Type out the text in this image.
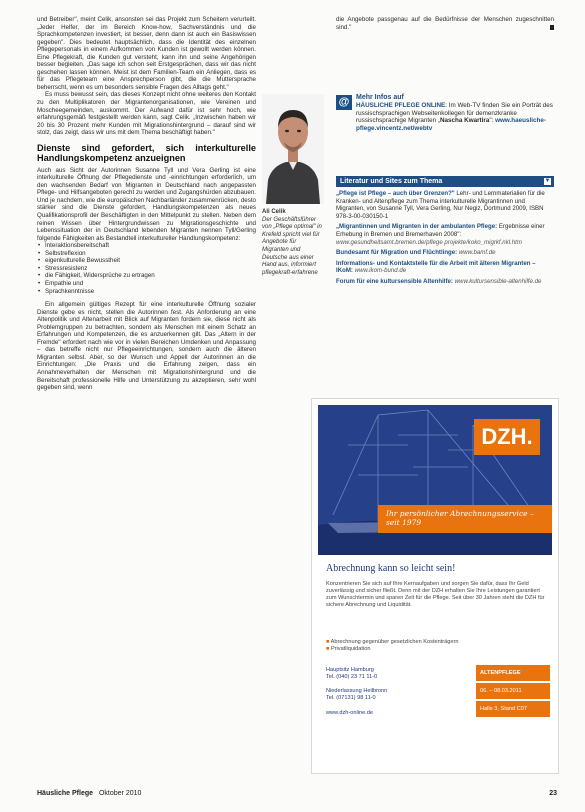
und Betreiber", meint Celik, ansonsten sei das Projekt zum Scheitern verurteilt. „Jeder Helfer, der im Bereich Know-how, Sachverständnis und die Sprachkompetenzen investiert, ist besser, denn dann ist auch ein Basiswissen gegeben". Dies bedeutet hauptsächlich, dass die Identität des einzelnen Pflegepersonals in einem Aufkommen von Kunden ist gewollt werden können. Eine Pflegekraft, die Kunden gut versteht, kann ihn und seine Angehörigen besser begleiten. „Das sage ich schon seit Erstgesprächen, dass wir das nicht geschehen lassen können. Meist ist dem Familien-Team ein Anliegen, dass es für das Pflegeteam eine Ansprechperson gibt, die die Muttersprache beherrscht, wenn es um besonders sensible Fragen des Alltags geht."

Es muss bewusst sein, das dieses Konzept nicht ohne weiteres den Kontakt zu den Multiplikatoren der Migrantenorganisationen, wie Vereinen und Moscheegemeinden, auskommt. Der Aufwand dafür ist sehr hoch, wie erfahrungsgemäß festgestellt werden kann, sagt Celik. „Inzwischen haben wir 20 bis 30 Prozent mehr Kunden mit Migrationshintergrund – darauf sind wir stolz, das zeigt, dass wir uns mit dem Thema beschäftigt haben."

Dienste sind gefordert, sich interkulturelle Handlungskompetenz anzueignen

Auch aus Sicht der Autorinnen Susanne Tyll und Vera Gerling ist eine interkulturelle Öffnung der Pflegedienste und -einrichtungen erforderlich, um den wachsenden Bedarf von Migranten in Deutschland nach angepassten Pflege- und Hilfsangeboten gerecht zu werden und Zugangshürden abzubauen. Und je nachdem, wie die europäischen Nachbarländer zusammenrücken, desto stärker sind die Dienste gefordert, Handlungskompetenzen als neues Qualifikationsprofil der Beschäftigten in den Mittelpunkt zu stellen. Neben dem reinen Wissen über Hintergrundwissen zu Migrationsgeschichte und Lebenssituation der in Deutschland lebenden Migranten nennen Tyll/Gerling folgende Fähigkeiten als Bestandteil interkultureller Handlungskompetenz:

• Interaktionsbereitschaft
• Selbstreflexion
• eigenkulturelle Bewusstheit
• Stressresistenz
• die Fähigkeit, Widersprüche zu ertragen
• Empathie und
• Sprachkenntnisse

Ein allgemein gültiges Rezept für eine interkulturelle Öffnung sozialer Dienste gebe es nicht, stellen die Autorinnen fest. Als Anforderung an eine Altenpolitik und Altenarbeit mit Blick auf Migranten fordern sie, diese nicht als Problemgruppen zu betrachten, sondern als Menschen mit einem Schatz an Erfahrungen und Kompetenzen, die es anzuerkennen gilt. Das „Altern in der Fremde" erfordert nach wie vor in vielen Bereichen Umdenken und Anpassung – das betreffe nicht nur Pflegeeinrichtungen, sondern auch die älteren Migranten selbst. Aber, so der Wunsch und Appell der Autorinnen an die Einrichtungen: „Die Praxis und die Erfahrung zeigen, dass ein Annahmeverhalten der Menschen mit Migrationshintergrund und die Bereitschaft professionelle Hilfe und Unterstützung zu akzeptieren, sehr wohl gegeben sind, wenn

Ali Celik
Der Geschäftsführer von „Pflege optimal" in Krefeld spricht viel für Angebote für Migranten und Deutsche aus einer Hand aus, informiert pflegekraft-erfahrene
die Angebote passgenau auf die Bedürfnisse der Menschen zugeschnitten sind."
@ Mehr Infos auf
HÄUSLICHE PFLEGE ONLINE: Im Web-TV finden Sie ein Porträt des russischsprachigen Webseitenkollegen für demenzkranke russischsprachige Migranten „Nascha Kwartira": www.haeusliche-pflege.vincentz.net/webtv
Literatur und Sites zum Thema	▼
„Pflege ist Pflege – auch über Grenzen?" Lehr- und Lernmaterialien für die Kranken- und Altenpflege zum Thema interkulturelle Migrantinnen und Migranten, von Susanne Tyll, Vera Gerling, Nur Negiz, Dortmund 2009, ISBN 978-3-00-030150-1
„Migrantinnen und Migranten in der ambulanten Pflege: Ergebnisse einer Erhebung in Bremen und Bremerhaven 2008": www.gesundheitsamt.bremen.de/pflege projekte/koko_migrkf.nkl.htm
Bundesamt für Migration und Flüchtlinge: www.bamf.de
Informations- und Kontaktstelle für die Arbeit mit älteren Migranten – IKoM: www.ikom-bund.de
Forum für eine kultursensible Altenhilfe: www.kultursensible-altenhilfe.de
DZH.
Ihr persönlicher Abrechnungsservice – seit 1979
Abrechnung kann so leicht sein!
Konzentrieren Sie sich auf Ihre Kernaufgaben und sorgen Sie dafür, dass Ihr Geld zuverlässig und sicher fließt. Denn mit der DZH erhalten Sie Ihre Leistungen garantiert zum Wunschtermin und sparen Zeit für die Pflege. Seit über 30 Jahren steht die DZH für sichere Abrechnung und Liquidität.
■ Abrechnung gegenüber gesetzlichen Kostenträgern
■ Privatliquidation
Hauptsitz Hamburg
Tel. (040) 23 71 11-0
Niederlassung Heilbronn
Tel. (07131) 98 11-0
www.dzh-online.de
ALTENPFLEGE
06. – 08.03.2011
Halle 3, Stand C07
Häusliche Pflege Oktober 2010	23
